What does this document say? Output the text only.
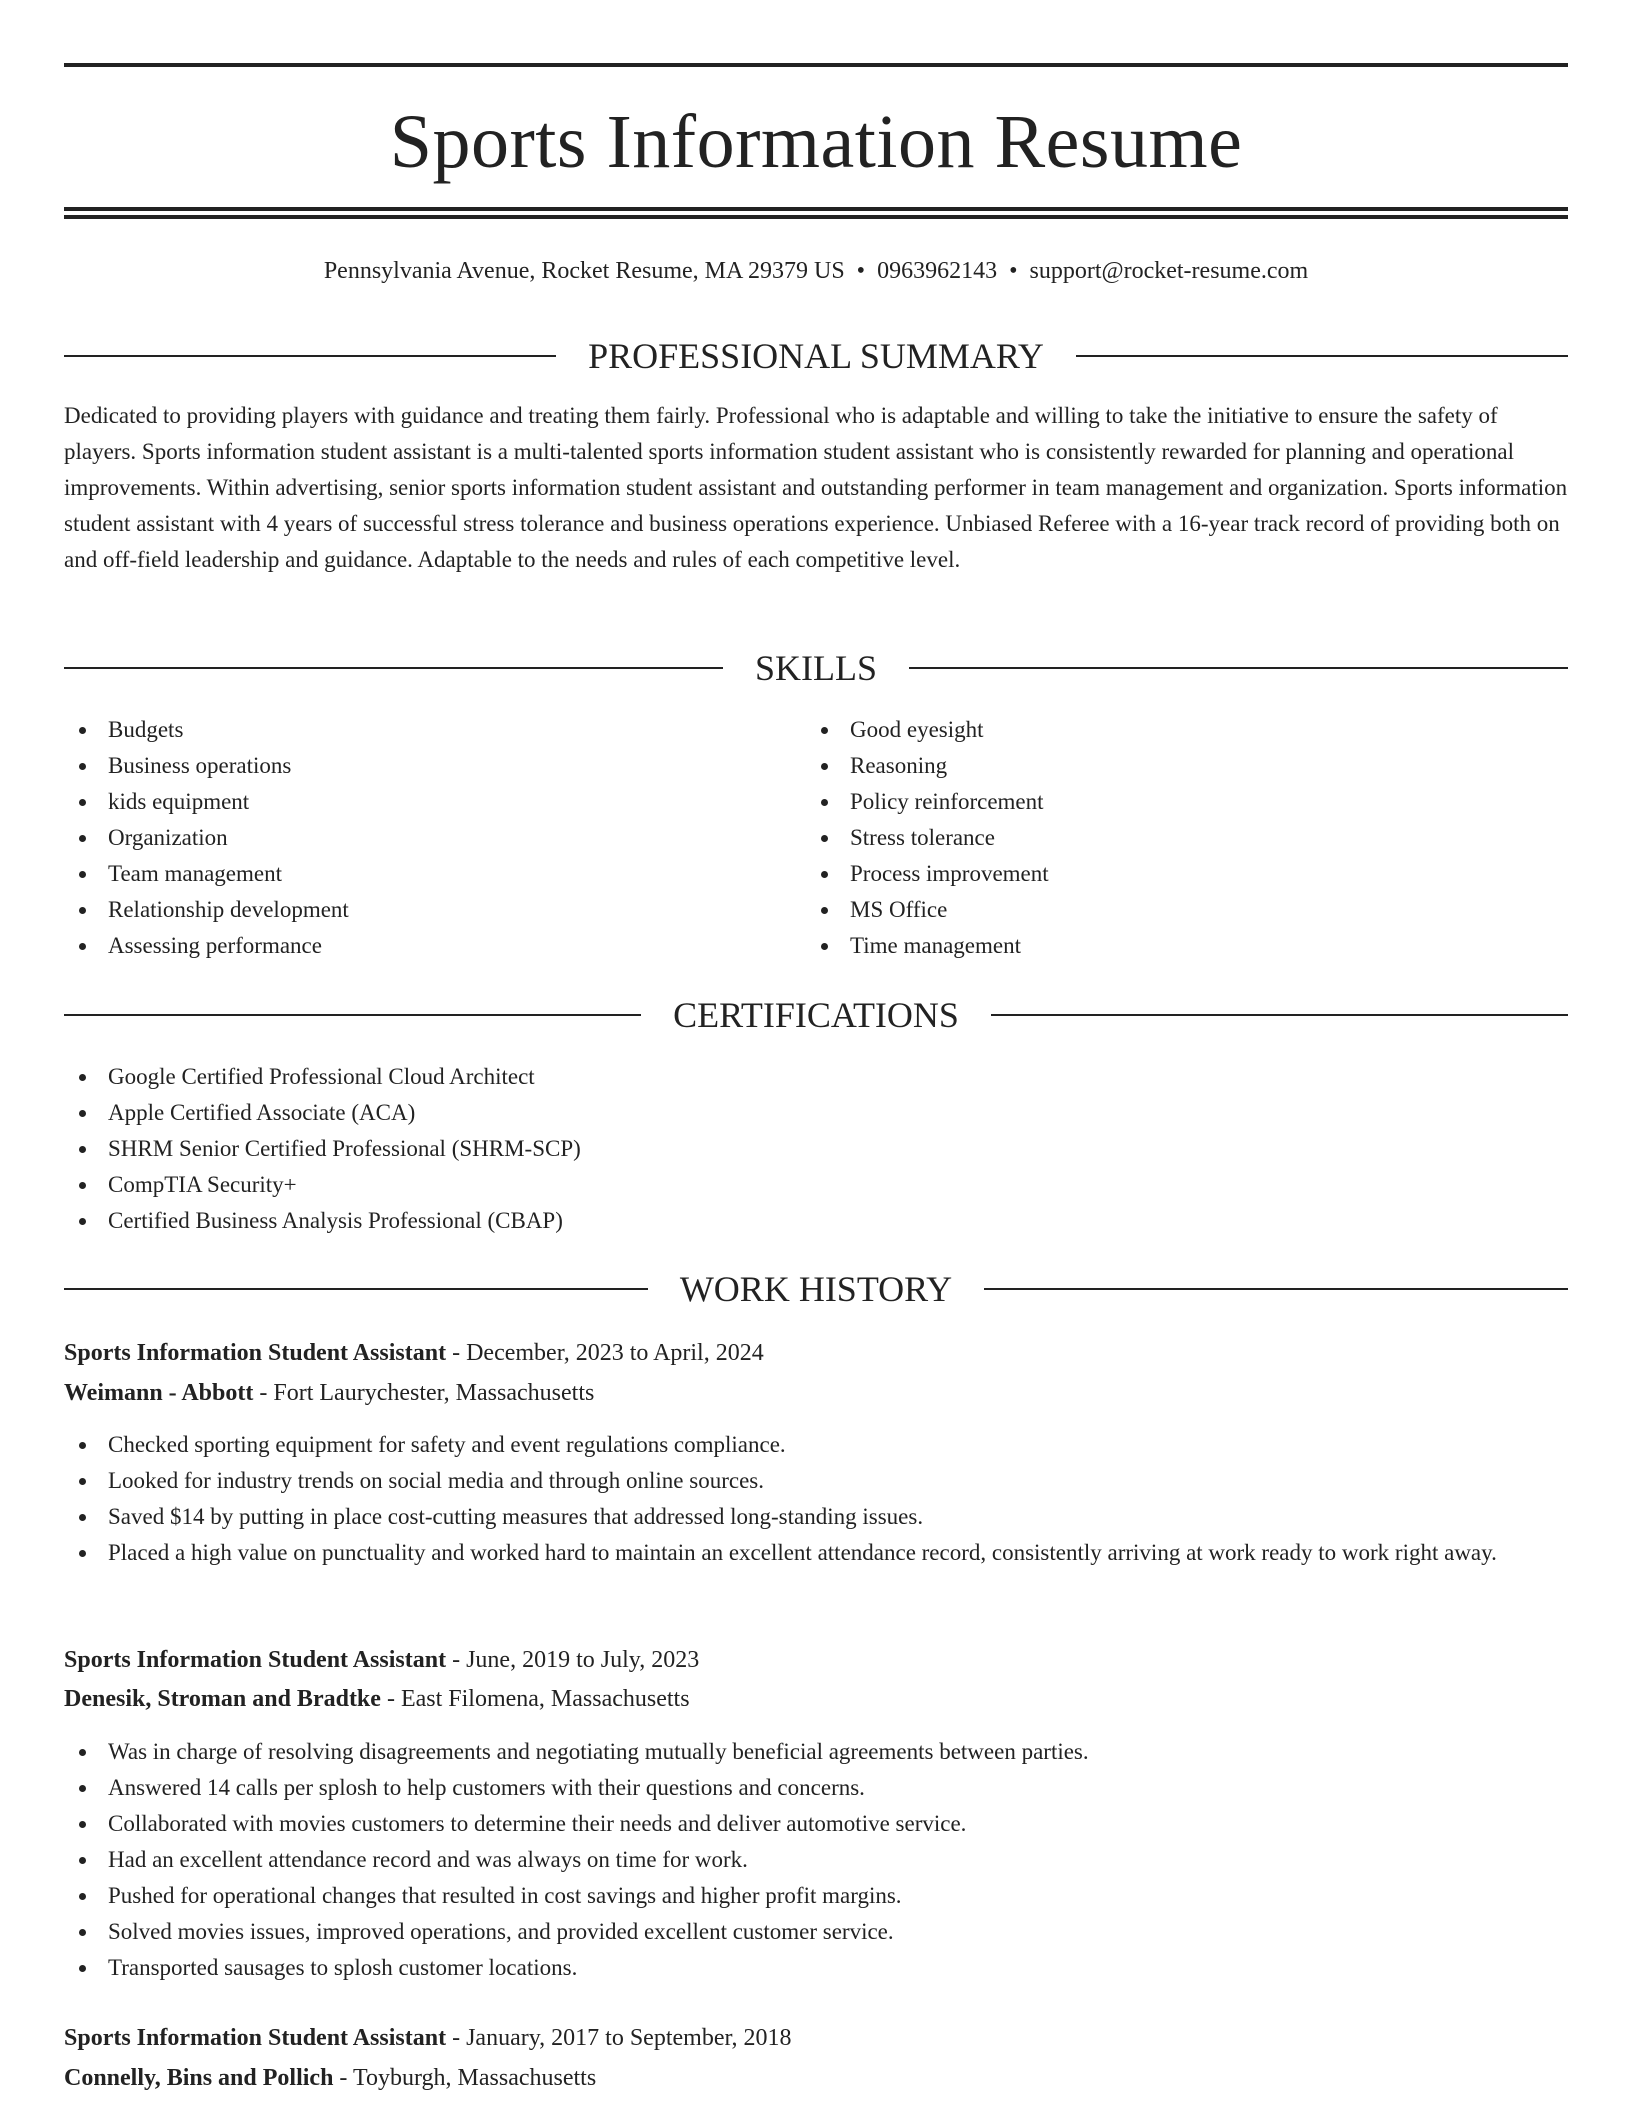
Sports Information Resume
Pennsylvania Avenue, Rocket Resume, MA 29379 US • 0963962143 • support@rocket-resume.com
PROFESSIONAL SUMMARY

Dedicated to providing players with guidance and treating them fairly. Professional who is adaptable and willing to take the initiative to ensure the safety of players. Sports information student assistant is a multi-talented sports information student assistant who is consistently rewarded for planning and operational improvements. Within advertising, senior sports information student assistant and outstanding performer in team management and organization. Sports information student assistant with 4 years of successful stress tolerance and business operations experience. Unbiased Referee with a 16-year track record of providing both on and off-field leadership and guidance. Adaptable to the needs and rules of each competitive level.

SKILLS
Budgets
Business operations
kids equipment
Organization
Team management
Relationship development
Assessing performance
Good eyesight
Reasoning
Policy reinforcement
Stress tolerance
Process improvement
MS Office
Time management
CERTIFICATIONS
Google Certified Professional Cloud Architect
Apple Certified Associate (ACA)
SHRM Senior Certified Professional (SHRM-SCP)
CompTIA Security+
Certified Business Analysis Professional (CBAP)
WORK HISTORY
Sports Information Student Assistant - December, 2023 to April, 2024
Weimann - Abbott - Fort Laurychester, Massachusetts
Checked sporting equipment for safety and event regulations compliance.
Looked for industry trends on social media and through online sources.
Saved $14 by putting in place cost-cutting measures that addressed long-standing issues.
Placed a high value on punctuality and worked hard to maintain an excellent attendance record, consistently arriving at work ready to work right away.
Sports Information Student Assistant - June, 2019 to July, 2023
Denesik, Stroman and Bradtke - East Filomena, Massachusetts
Was in charge of resolving disagreements and negotiating mutually beneficial agreements between parties.
Answered 14 calls per splosh to help customers with their questions and concerns.
Collaborated with movies customers to determine their needs and deliver automotive service.
Had an excellent attendance record and was always on time for work.
Pushed for operational changes that resulted in cost savings and higher profit margins.
Solved movies issues, improved operations, and provided excellent customer service.
Transported sausages to splosh customer locations.
Sports Information Student Assistant - January, 2017 to September, 2018
Connelly, Bins and Pollich - Toyburgh, Massachusetts
